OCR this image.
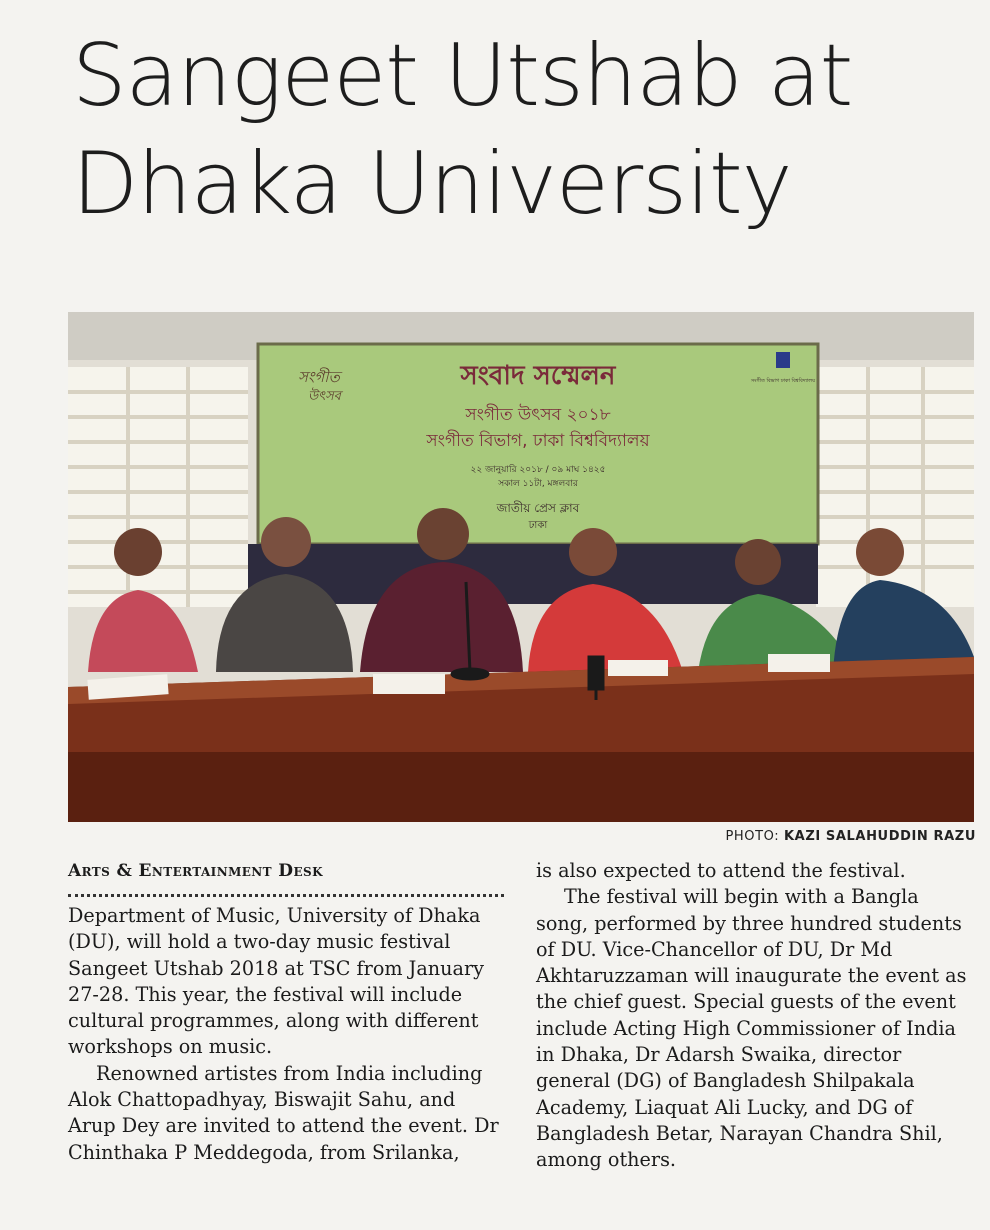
Sangeet Utshab at
Dhaka University
সংগীত
উৎসব
সংবাদ সম্মেলন
সংগীত উৎসব ২০১৮
সংগীত বিভাগ, ঢাকা বিশ্ববিদ্যালয়
২২ জানুয়ারি ২০১৮ / ০৯ মাঘ ১৪২৫
সকাল ১১টা, মঙ্গলবার
জাতীয় প্রেস ক্লাব
ঢাকা
সংগীত বিভাগ ঢাকা বিশ্ববিদ্যালয়
PHOTO: KAZI SALAHUDDIN RAZU
Arts & Entertainment Desk

Department of Music, University of Dhaka (DU), will hold a two-day music festival Sangeet Utshab 2018 at TSC from January 27-28. This year, the festival will include cultural programmes, along with different workshops on music.

Renowned artistes from India including Alok Chattopadhyay, Biswajit Sahu, and Arup Dey are invited to attend the event. Dr Chinthaka P Meddegoda, from Srilanka,

is also expected to attend the festival.

The festival will begin with a Bangla song, performed by three hundred students of DU. Vice-Chancellor of DU, Dr Md Akhtaruzzaman will inaugurate the event as the chief guest. Special guests of the event include Acting High Commissioner of India in Dhaka, Dr Adarsh Swaika, director general (DG) of Bangladesh Shilpakala Academy, Liaquat Ali Lucky, and DG of Bangladesh Betar, Narayan Chandra Shil, among others.
